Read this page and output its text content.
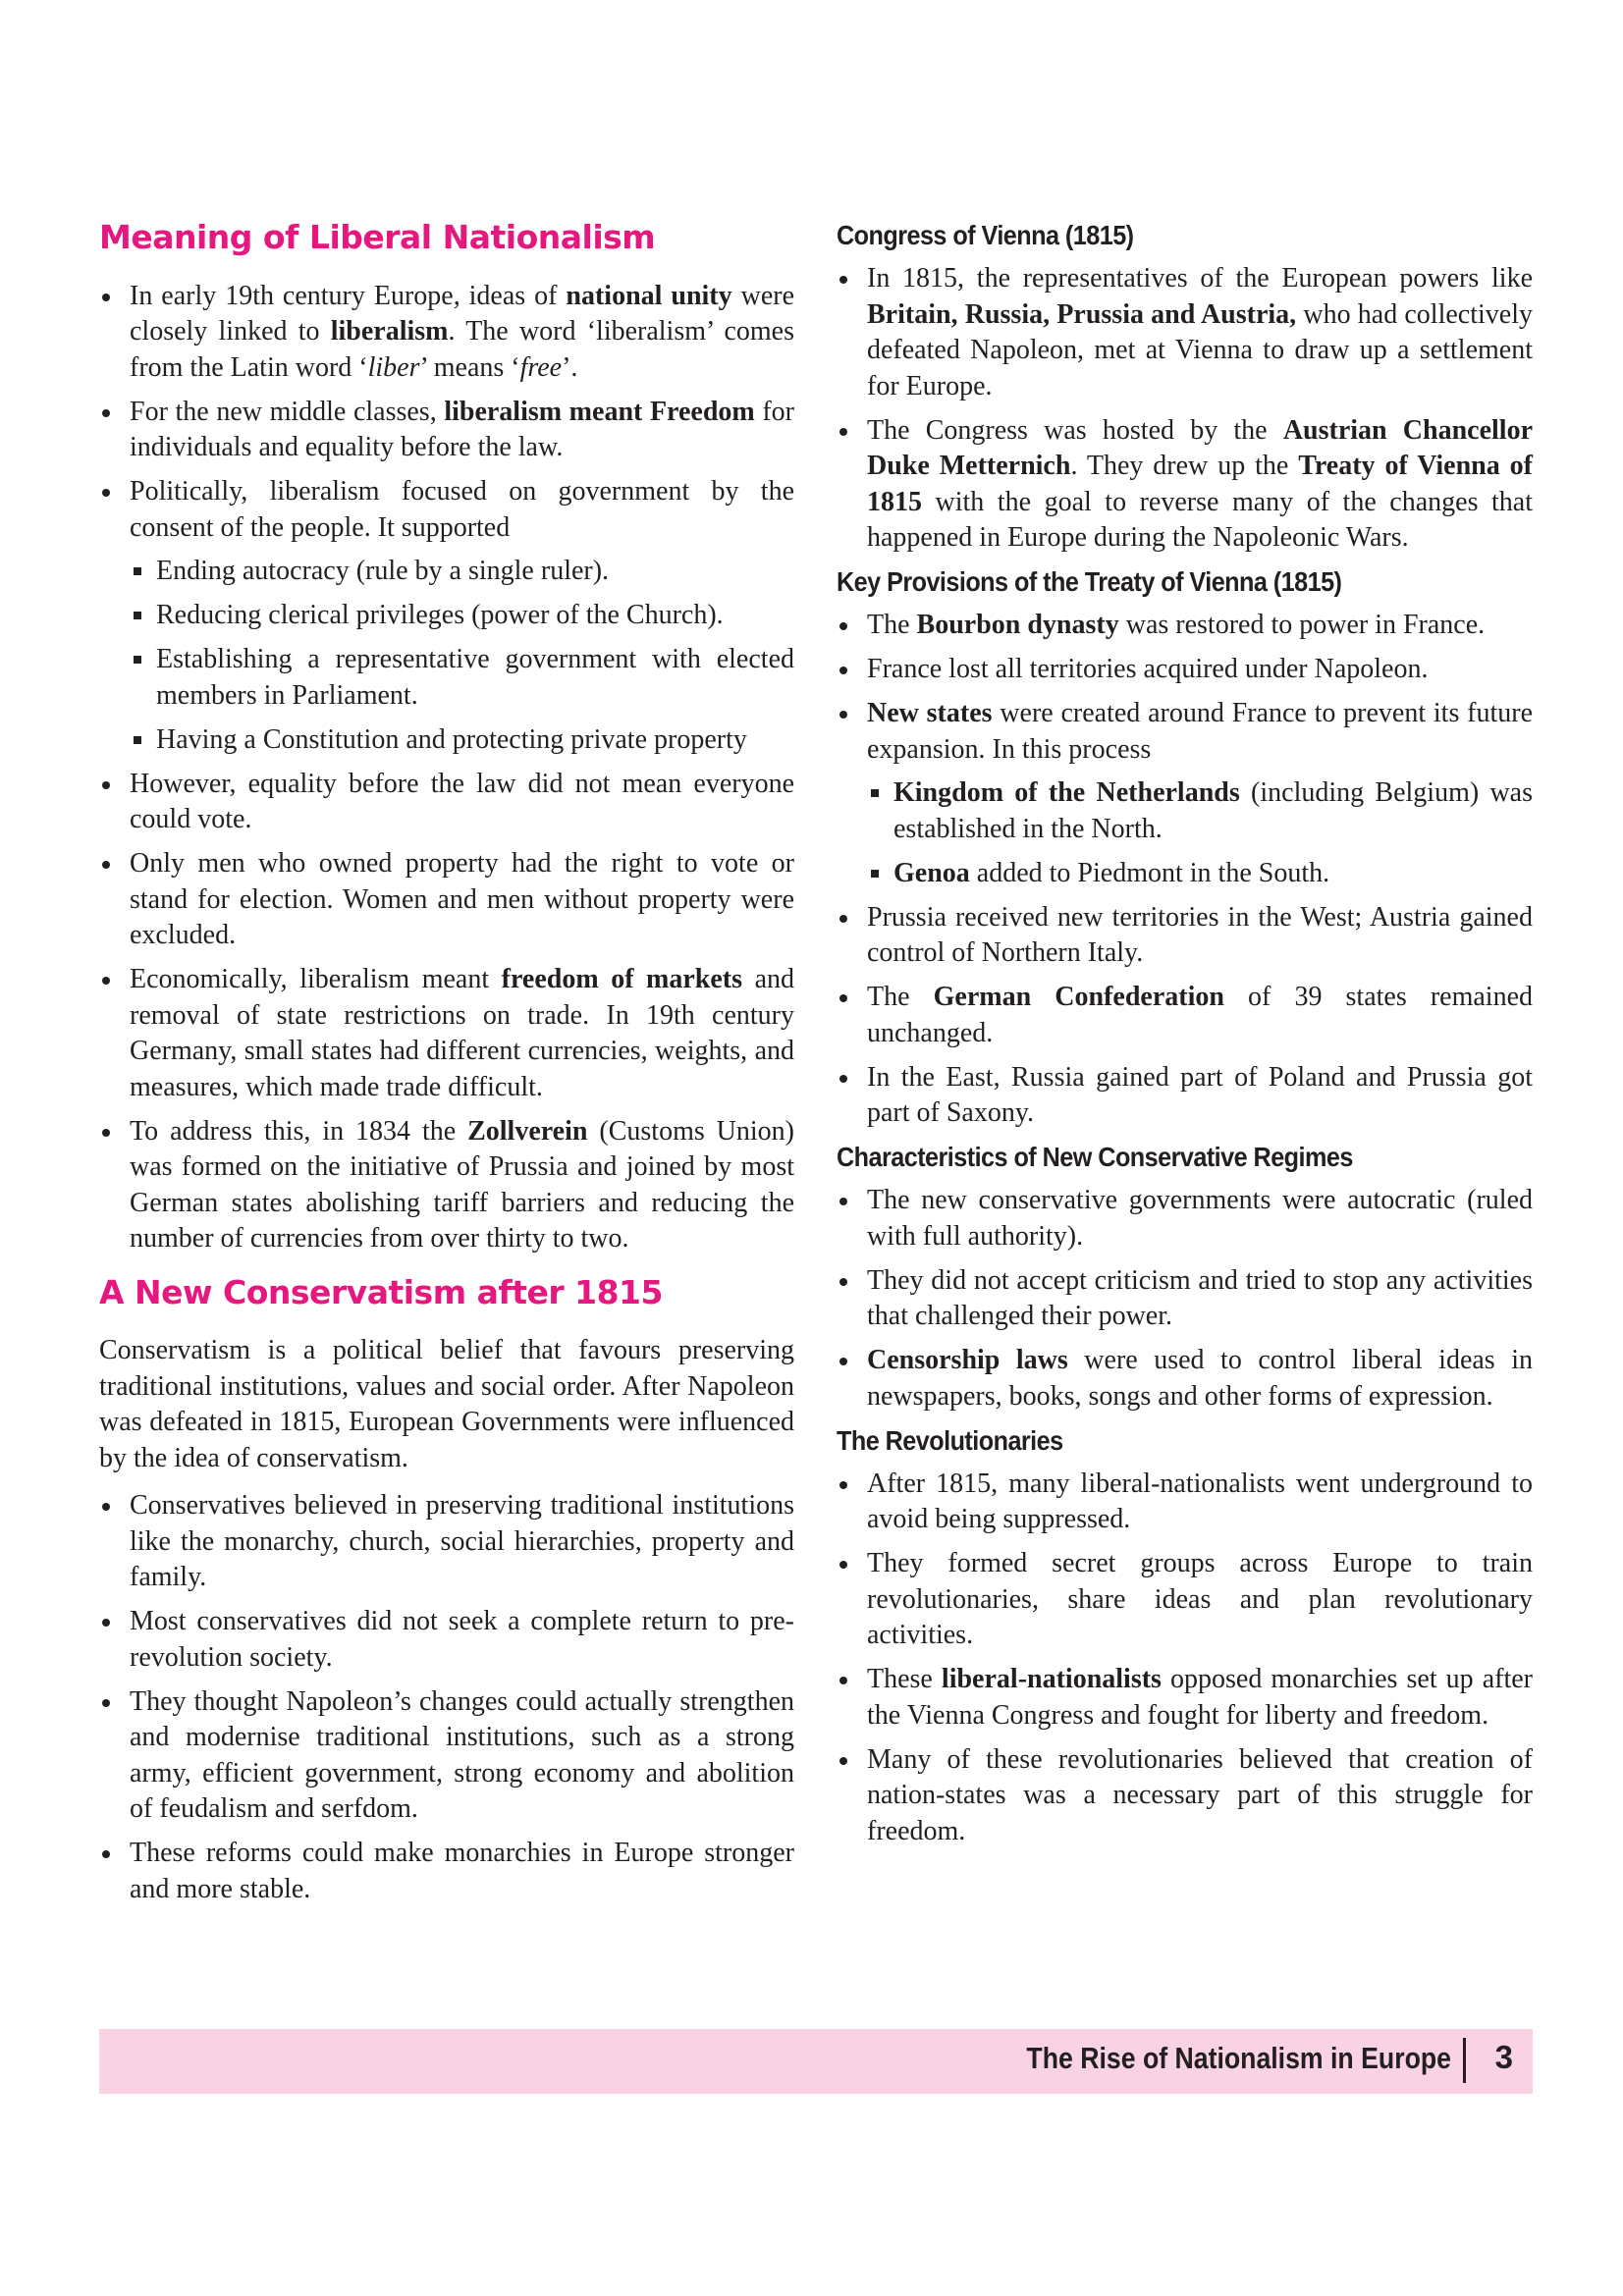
Meaning of Liberal Nationalism
In early 19th century Europe, ideas of national unity were closely linked to liberalism. The word ‘liberalism’ comes from the Latin word ‘liber’ means ‘free’.
For the new middle classes, liberalism meant Freedom for individuals and equality before the law.
Politically, liberalism focused on government by the consent of the people. It supported
Ending autocracy (rule by a single ruler).
Reducing clerical privileges (power of the Church).
Establishing a representative government with elected members in Parliament.
Having a Constitution and protecting private property
However, equality before the law did not mean everyone could vote.
Only men who owned property had the right to vote or stand for election. Women and men without property were excluded.
Economically, liberalism meant freedom of markets and removal of state restrictions on trade. In 19th century Germany, small states had different currencies, weights, and measures, which made trade difficult.
To address this, in 1834 the Zollverein (Customs Union) was formed on the initiative of Prussia and joined by most German states abolishing tariff barriers and reducing the number of currencies from over thirty to two.
A New Conservatism after 1815

Conservatism is a political belief that favours preserving traditional institutions, values and social order. After Napoleon was defeated in 1815, European Governments were influenced by the idea of conservatism.

Conservatives believed in preserving traditional institutions like the monarchy, church, social hierarchies, property and family.
Most conservatives did not seek a complete return to pre-revolution society.
They thought Napoleon’s changes could actually strengthen and modernise traditional institutions, such as a strong army, efficient government, strong economy and abolition of feudalism and serfdom.
These reforms could make monarchies in Europe stronger and more stable.
Congress of Vienna (1815)
In 1815, the representatives of the European powers like Britain, Russia, Prussia and Austria, who had collectively defeated Napoleon, met at Vienna to draw up a settlement for Europe.
The Congress was hosted by the Austrian Chancellor Duke Metternich. They drew up the Treaty of Vienna of 1815 with the goal to reverse many of the changes that happened in Europe during the Napoleonic Wars.
Key Provisions of the Treaty of Vienna (1815)
The Bourbon dynasty was restored to power in France.
France lost all territories acquired under Napoleon.
New states were created around France to prevent its future expansion. In this process
Kingdom of the Netherlands (including Belgium) was established in the North.
Genoa added to Piedmont in the South.
Prussia received new territories in the West; Austria gained control of Northern Italy.
The German Confederation of 39 states remained unchanged.
In the East, Russia gained part of Poland and Prussia got part of Saxony.
Characteristics of New Conservative Regimes
The new conservative governments were autocratic (ruled with full authority).
They did not accept criticism and tried to stop any activities that challenged their power.
Censorship laws were used to control liberal ideas in newspapers, books, songs and other forms of expression.
The Revolutionaries
After 1815, many liberal-nationalists went underground to avoid being suppressed.
They formed secret groups across Europe to train revolutionaries, share ideas and plan revolutionary activities.
These liberal-nationalists opposed monarchies set up after the Vienna Congress and fought for liberty and freedom.
Many of these revolutionaries believed that creation of nation-states was a necessary part of this struggle for freedom.
The Rise of Nationalism in Europe 3
